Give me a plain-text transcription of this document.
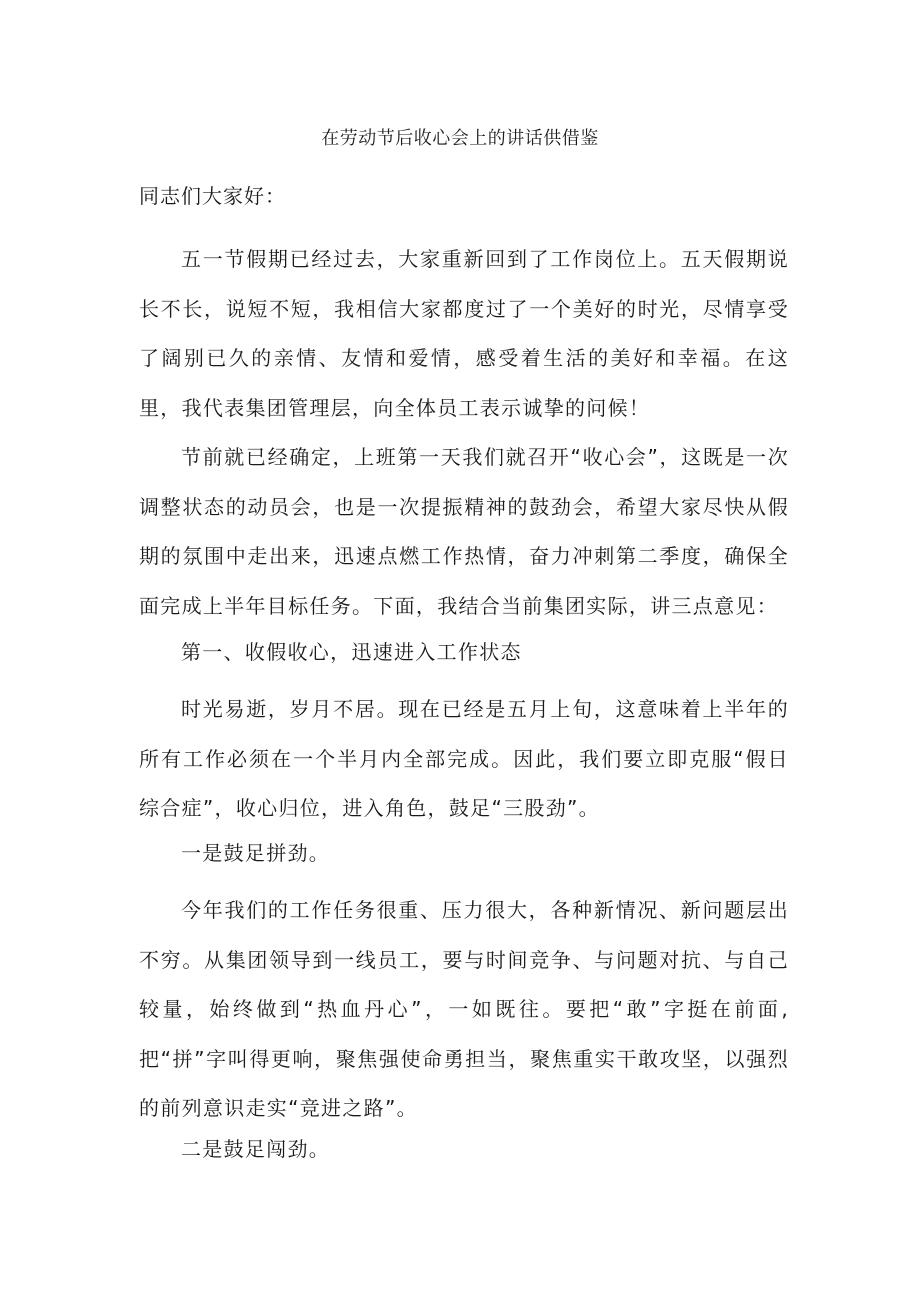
在劳动节后收心会上的讲话供借鉴
同志们大家好：

五一节假期已经过去，大家重新回到了工作岗位上。五天假期说长不长，说短不短，我相信大家都度过了一个美好的时光，尽情享受了阔别已久的亲情、友情和爱情，感受着生活的美好和幸福。在这里，我代表集团管理层，向全体员工表示诚挚的问候！

节前就已经确定，上班第一天我们就召开“收心会”，这既是一次调整状态的动员会，也是一次提振精神的鼓劲会，希望大家尽快从假期的氛围中走出来，迅速点燃工作热情，奋力冲刺第二季度，确保全面完成上半年目标任务。下面，我结合当前集团实际，讲三点意见：

第一、收假收心，迅速进入工作状态

时光易逝，岁月不居。现在已经是五月上旬，这意味着上半年的所有工作必须在一个半月内全部完成。因此，我们要立即克服“假日综合症”，收心归位，进入角色，鼓足“三股劲”。

一是鼓足拼劲。

今年我们的工作任务很重、压力很大，各种新情况、新问题层出不穷。从集团领导到一线员工，要与时间竞争、与问题对抗、与自己较量，始终做到“热血丹心”，一如既往。要把“敢”字挺在前面,把“拼”字叫得更响，聚焦强使命勇担当，聚焦重实干敢攻坚，以强烈的前列意识走实“竞进之路”。

二是鼓足闯劲。
